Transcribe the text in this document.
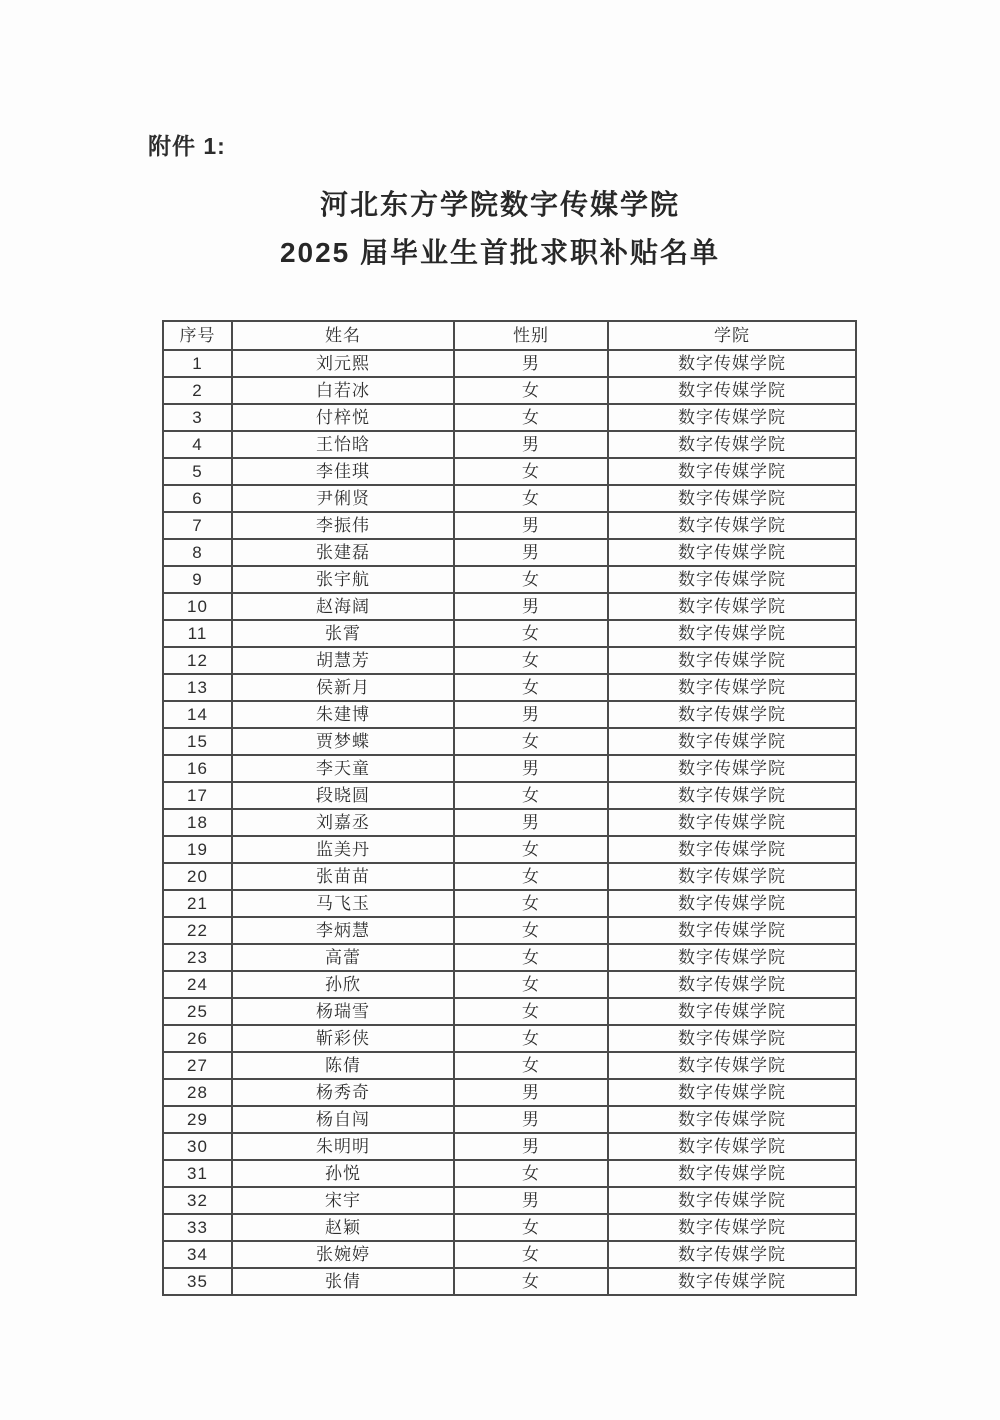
附件 1:
河北东方学院数字传媒学院
2025 届毕业生首批求职补贴名单
序号	姓名	性别	学院
1	刘元熙	男	数字传媒学院
2	白若冰	女	数字传媒学院
3	付梓悦	女	数字传媒学院
4	王怡晗	男	数字传媒学院
5	李佳琪	女	数字传媒学院
6	尹俐贤	女	数字传媒学院
7	李振伟	男	数字传媒学院
8	张建磊	男	数字传媒学院
9	张宇航	女	数字传媒学院
10	赵海阔	男	数字传媒学院
11	张霄	女	数字传媒学院
12	胡慧芳	女	数字传媒学院
13	侯新月	女	数字传媒学院
14	朱建博	男	数字传媒学院
15	贾梦蝶	女	数字传媒学院
16	李天童	男	数字传媒学院
17	段晓圆	女	数字传媒学院
18	刘嘉丞	男	数字传媒学院
19	监美丹	女	数字传媒学院
20	张苗苗	女	数字传媒学院
21	马飞玉	女	数字传媒学院
22	李炳慧	女	数字传媒学院
23	高蕾	女	数字传媒学院
24	孙欣	女	数字传媒学院
25	杨瑞雪	女	数字传媒学院
26	靳彩侠	女	数字传媒学院
27	陈倩	女	数字传媒学院
28	杨秀奇	男	数字传媒学院
29	杨自闯	男	数字传媒学院
30	朱明明	男	数字传媒学院
31	孙悦	女	数字传媒学院
32	宋宇	男	数字传媒学院
33	赵颖	女	数字传媒学院
34	张婉婷	女	数字传媒学院
35	张倩	女	数字传媒学院
